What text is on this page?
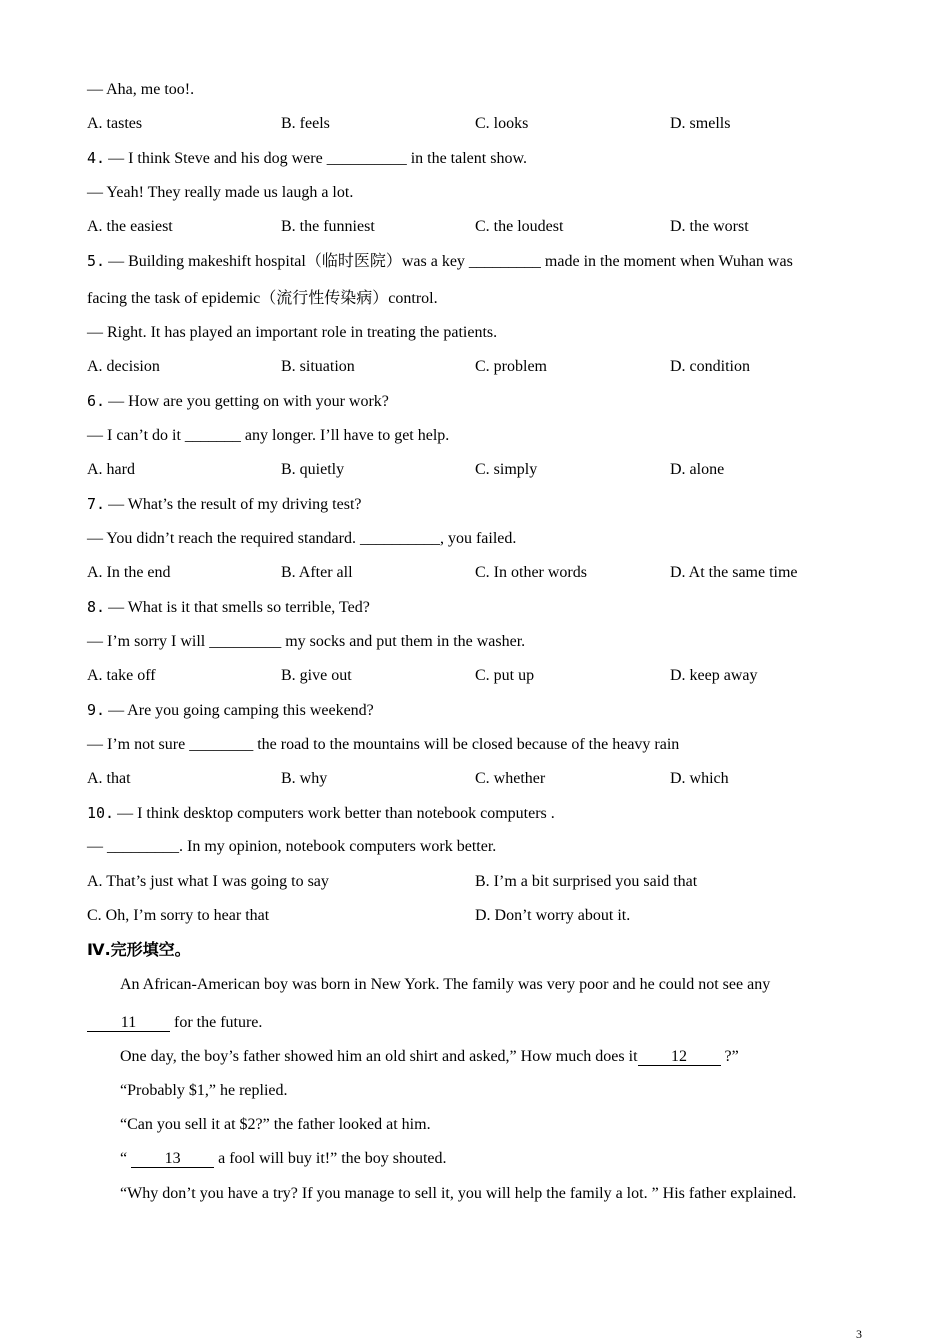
— Aha, me too!.
A. tastes	B. feels	C. looks	D. smells
4. — I think Steve and his dog were __________ in the talent show.
— Yeah! They really made us laugh a lot.
A. the easiest	B. the funniest	C. the loudest	D. the worst
5. — Building makeshift hospital（临时医院）was a key _________ made in the moment when Wuhan was
facing the task of epidemic（流行性传染病）control.
— Right. It has played an important role in treating the patients.
A. decision	B. situation	C. problem	D. condition
6. — How are you getting on with your work?
— I can’t do it _______ any longer. I’ll have to get help.
A. hard	B. quietly	C. simply	D. alone
7. — What’s the result of my driving test?
— You didn’t reach the required standard. __________, you failed.
A. In the end	B. After all	C. In other words	D. At the same time
8. — What is it that smells so terrible, Ted?
— I’m sorry I will _________ my socks and put them in the washer.
A. take off	B. give out	C. put up	D. keep away
9. — Are you going camping this weekend?
— I’m not sure ________ the road to the mountains will be closed because of the heavy rain
A. that	B. why	C. whether	D. which
10. — I think desktop computers work better than notebook computers .
— _________. In my opinion, notebook computers work better.
A. That’s just what I was going to say	B. I’m a bit surprised you said that
C. Oh, I’m sorry to hear that	D. Don’t worry about it.
Ⅳ.完形填空。
An African-American boy was born in New York. The family was very poor and he could not see any
11 for the future.
One day, the boy’s father showed him an old shirt and asked,” How much does it 12 ?”
“Probably $1,” he replied.
“Can you sell it at $2?” the father looked at him.
“ 13 a fool will buy it!” the boy shouted.
“Why don’t you have a try? If you manage to sell it, you will help the family a lot. ” His father explained.
3
